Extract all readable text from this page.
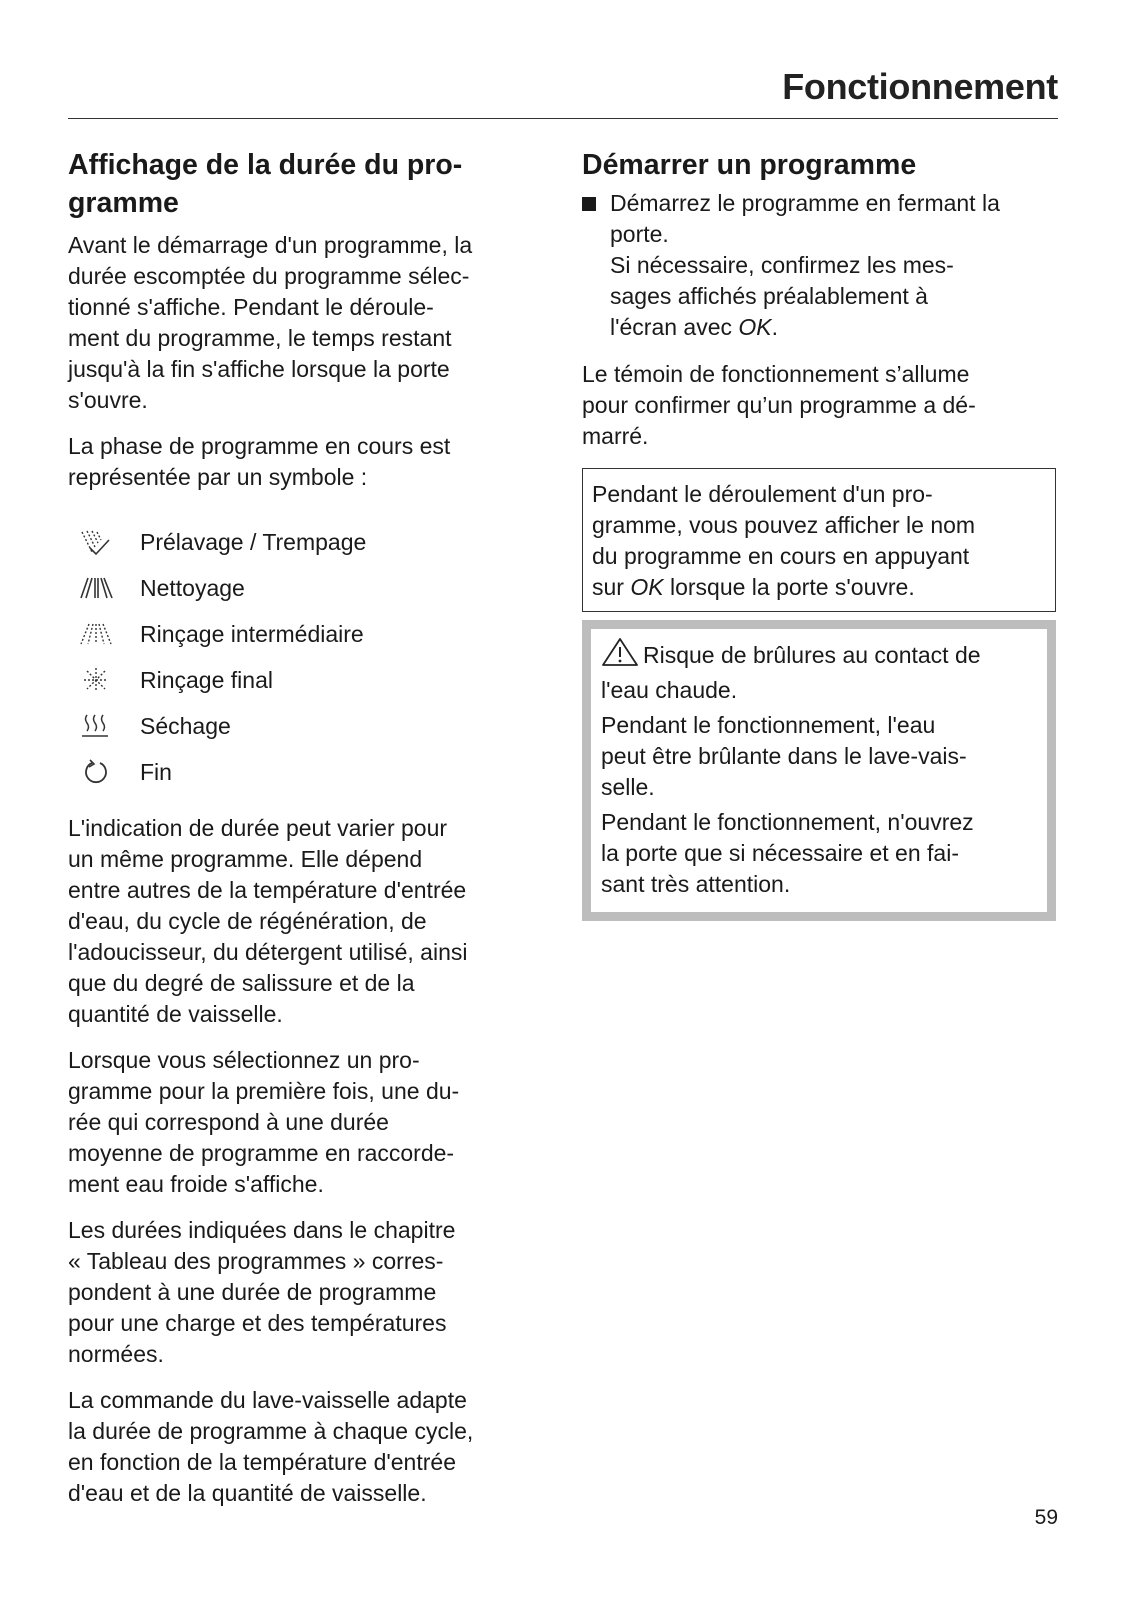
Fonctionnement
Affichage de la durée du pro-
gramme

Avant le démarrage d'un programme, la
durée escomptée du programme sélec-
tionné s'affiche. Pendant le déroule-
ment du programme, le temps restant
jusqu'à la fin s'affiche lorsque la porte
s'ouvre.

La phase de programme en cours est
représentée par un symbole :

Prélavage / Trempage
Nettoyage
Rinçage intermédiaire
Rinçage final
Séchage
Fin

L'indication de durée peut varier pour
un même programme. Elle dépend
entre autres de la température d'entrée
d'eau, du cycle de régénération, de
l'adoucisseur, du détergent utilisé, ainsi
que du degré de salissure et de la
quantité de vaisselle.

Lorsque vous sélectionnez un pro-
gramme pour la première fois, une du-
rée qui correspond à une durée
moyenne de programme en raccorde-
ment eau froide s'affiche.

Les durées indiquées dans le chapitre
« Tableau des programmes » corres-
pondent à une durée de programme
pour une charge et des températures
normées.

La commande du lave-vaisselle adapte
la durée de programme à chaque cycle,
en fonction de la température d'entrée
d'eau et de la quantité de vaisselle.

Démarrer un programme
Démarrez le programme en fermant la
porte.
Si nécessaire, confirmez les mes-
sages affichés préalablement à
l'écran avec OK.

Le témoin de fonctionnement s’allume
pour confirmer qu’un programme a dé-
marré.

Pendant le déroulement d'un pro-
gramme, vous pouvez afficher le nom
du programme en cours en appuyant
sur OK lorsque la porte s'ouvre.
Risque de brûlures au contact de
l'eau chaude.
Pendant le fonctionnement, l'eau
peut être brûlante dans le lave-vais-
selle.
Pendant le fonctionnement, n'ouvrez
la porte que si nécessaire et en fai-
sant très attention.
59
